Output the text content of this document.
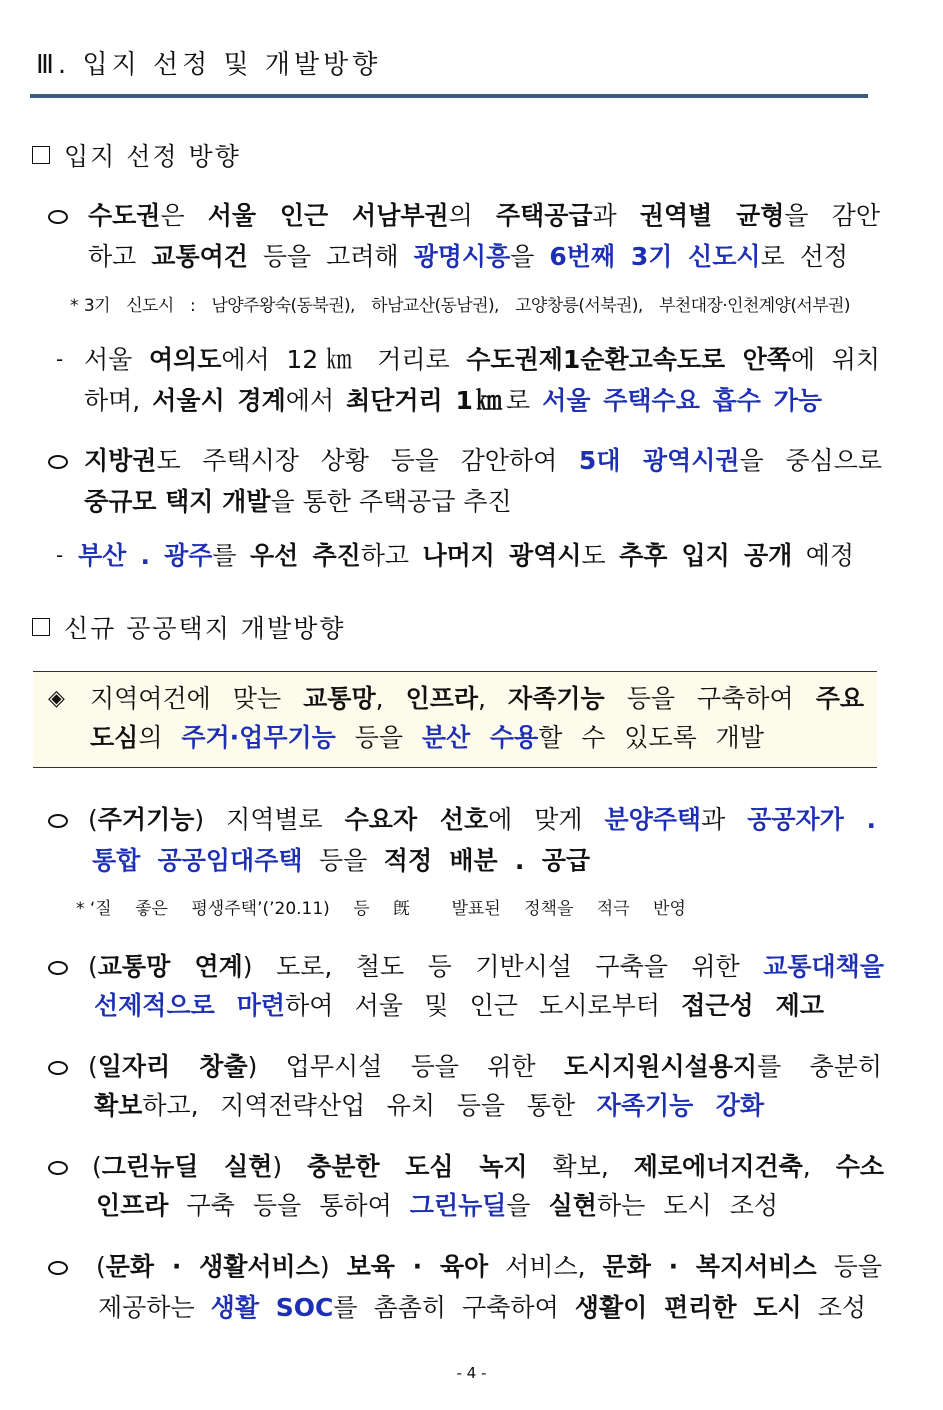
Ⅲ. 입지 선정 및 개발방향
입지 선정 방향
수도권은 서울 인근 서남부권의 주택공급과 권역별 균형을 감안
하고 교통여건 등을 고려해 광명시흥을 6번째 3기 신도시로 선정
* 3기 신도시 : 남양주왕숙(동북권), 하남교산(동남권), 고양창릉(서북권), 부천대장·인천계양(서부권)
- 서울 여의도에서 12㎞ 거리로 수도권제1순환고속도로 안쪽에 위치
하며, 서울시 경계에서 최단거리 1㎞로 서울 주택수요 흡수 가능
지방권도 주택시장 상황 등을 감안하여 5대 광역시권을 중심으로
중규모 택지 개발을 통한 주택공급 추진
- 부산 . 광주를 우선 추진하고 나머지 광역시도 추후 입지 공개 예정
신규 공공택지 개발방향
◈ 지역여건에 맞는 교통망, 인프라, 자족기능 등을 구축하여 주요
도심의 주거·업무기능 등을 분산 수용할 수 있도록 개발
(주거기능) 지역별로 수요자 선호에 맞게 분양주택과 공공자가 .
통합 공공임대주택 등을 적정 배분 . 공급
* ‘질 좋은 평생주택’(’20.11) 등 旣 발표된 정책을 적극 반영
(교통망 연계) 도로, 철도 등 기반시설 구축을 위한 교통대책을
선제적으로 마련하여 서울 및 인근 도시로부터 접근성 제고
(일자리 창출) 업무시설 등을 위한 도시지원시설용지를 충분히
확보하고, 지역전략산업 유치 등을 통한 자족기능 강화
(그린뉴딜 실현) 충분한 도심 녹지 확보, 제로에너지건축, 수소
인프라 구축 등을 통하여 그린뉴딜을 실현하는 도시 조성
(문화 · 생활서비스) 보육 · 육아 서비스, 문화 · 복지서비스 등을
제공하는 생활 SOC를 촘촘히 구축하여 생활이 편리한 도시 조성
- 4 -
